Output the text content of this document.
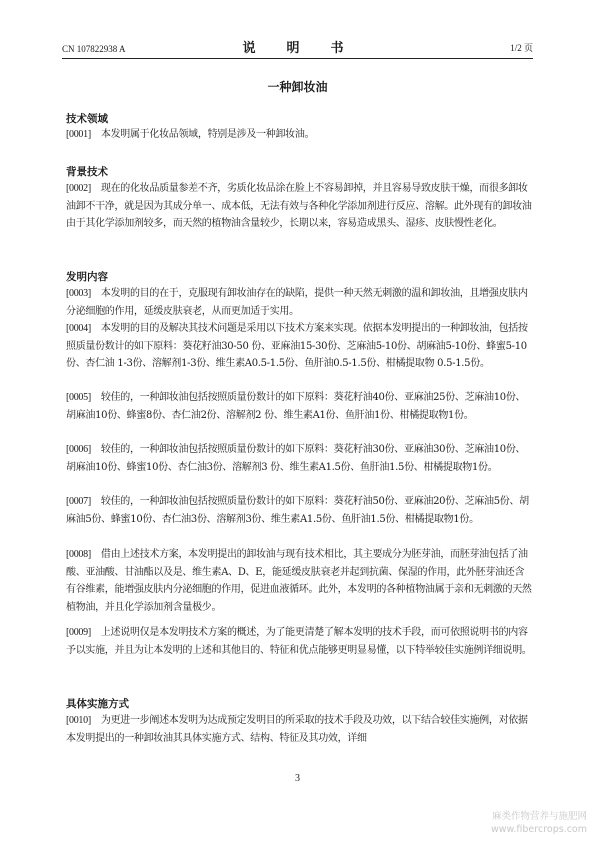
CN 107822938 A	说　明　书	1/2 页
一种卸妆油
技术领域
[0001] 本发明属于化妆品领域，特别是涉及一种卸妆油。
背景技术
[0002] 现在的化妆品质量参差不齐，劣质化妆品涂在脸上不容易卸掉，并且容易导致皮肤干燥，而很多卸妆油卸不干净，就是因为其成分单一、成本低，无法有效与各种化学添加剂进行反应、溶解。此外现有的卸妆油由于其化学添加剂较多，而天然的植物油含量较少，长期以来，容易造成黑头、湿疹、皮肤慢性老化。
发明内容
[0003] 本发明的目的在于，克服现有卸妆油存在的缺陷，提供一种天然无刺激的温和卸妆油，且增强皮肤内分泌细胞的作用，延缓皮肤衰老，从而更加适于实用。
[0004] 本发明的目的及解决其技术问题是采用以下技术方案来实现。依据本发明提出的一种卸妆油，包括按照质量份数计的如下原料：葵花籽油30-50 份、亚麻油15-30份、芝麻油5-10份、胡麻油5-10份、蜂蜜5-10份、杏仁油 1-3份、溶解剂1-3份、维生素A0.5-1.5份、鱼肝油0.5-1.5份、柑橘提取物 0.5-1.5份。
[0005] 较佳的，一种卸妆油包括按照质量份数计的如下原料：葵花籽油40份、亚麻油25份、芝麻油10份、胡麻油10份、蜂蜜8份、杏仁油2份、溶解剂2 份、维生素A1份、鱼肝油1份、柑橘提取物1份。
[0006] 较佳的，一种卸妆油包括按照质量份数计的如下原料：葵花籽油30份、亚麻油30份、芝麻油10份、胡麻油10份、蜂蜜10份、杏仁油3份、溶解剂3 份、维生素A1.5份、鱼肝油1.5份、柑橘提取物1份。
[0007] 较佳的，一种卸妆油包括按照质量份数计的如下原料：葵花籽油50份、亚麻油20份、芝麻油5份、胡麻油5份、蜂蜜10份、杏仁油3份、溶解剂3份、维生素A1.5份、鱼肝油1.5份、柑橘提取物1份。
[0008] 借由上述技术方案，本发明提出的卸妆油与现有技术相比，其主要成分为胚芽油，而胚芽油包括了油酸、亚油酸、甘油酯以及是、维生素A、D、E，能延缓皮肤衰老并起到抗菌、保湿的作用，此外胚芽油还含有谷维素，能增强皮肤内分泌细胞的作用，促进血液循环。此外，本发明的各种植物油属于亲和无刺激的天然植物油，并且化学添加剂含量极少。
[0009] 上述说明仅是本发明技术方案的概述，为了能更清楚了解本发明的技术手段，而可依照说明书的内容予以实施，并且为让本发明的上述和其他目的、特征和优点能够更明显易懂，以下特举较佳实施例详细说明。
具体实施方式
[0010] 为更进一步阐述本发明为达成预定发明目的所采取的技术手段及功效，以下结合较佳实施例，对依据本发明提出的一种卸妆油其具体实施方式、结构、特征及其功效，详细
3
麻类作物营养与施肥网
www.fibercrops.com
